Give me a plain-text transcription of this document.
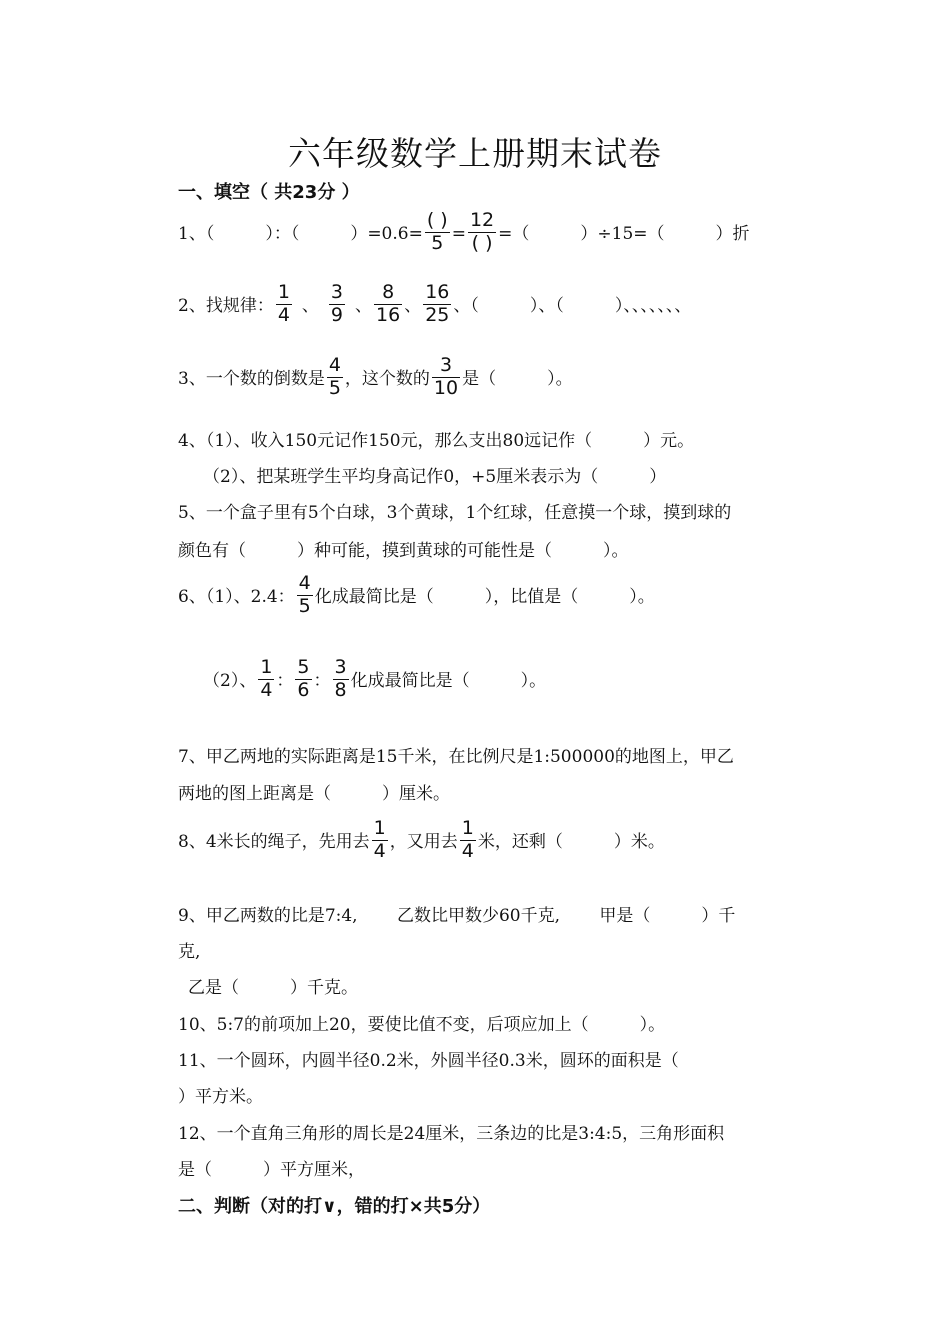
六年级数学上册期末试卷
一、填空（ 共23分 ）
1、（　　　）：（　　　）$=0.6= \frac{( )}{5} = \frac{12}{( )}$ =（　　　）÷15=（　　　）折
2、找规律： $\frac{1}{4}$ 、 $\frac{3}{9}$ 、 $\frac{8}{16}$ 、 $\frac{16}{25}$ 、（　　　）、（　　　）、、、、、、、
3、一个数的倒数是 $\frac{4}{5}$ ，这个数的 $\frac{3}{10}$ 是（　　　）。
4、（1）、收入150元记作150元，那么支出80远记作（　　　）元。
（2）、把某班学生平均身高记作0，+5厘米表示为（　　　）
5、一个盒子里有5个白球，3个黄球，1个红球，任意摸一个球，摸到球的
颜色有（　　　）种可能，摸到黄球的可能性是（　　　）。
6、（1）、2.4： $\frac{4}{5}$ 化成最简比是（　　　），比值是（　　　）。
（2）、 $\frac{1}{4}$ ： $\frac{5}{6}$ ： $\frac{3}{8}$ 化成最简比是（　　　）。
7、甲乙两地的实际距离是15千米，在比例尺是1:500000的地图上，甲乙
两地的图上距离是（　　　）厘米。
8、4米长的绳子，先用去 $\frac{1}{4}$ ，又用去 $\frac{1}{4}$ 米，还剩（　　　）米。
9、甲乙两数的比是7:4,　　 乙数比甲数少60千克,　　 甲是（　　　）千
克,
乙是（　　　）千克。
10、5:7的前项加上20，要使比值不变，后项应加上（　　　）。
11、一个圆环，内圆半径0.2米，外圆半径0.3米，圆环的面积是（
）平方米。
12、一个直角三角形的周长是24厘米，三条边的比是3:4:5，三角形面积
是（　　　）平方厘米，
二、判断（对的打∨，错的打×共5分）
